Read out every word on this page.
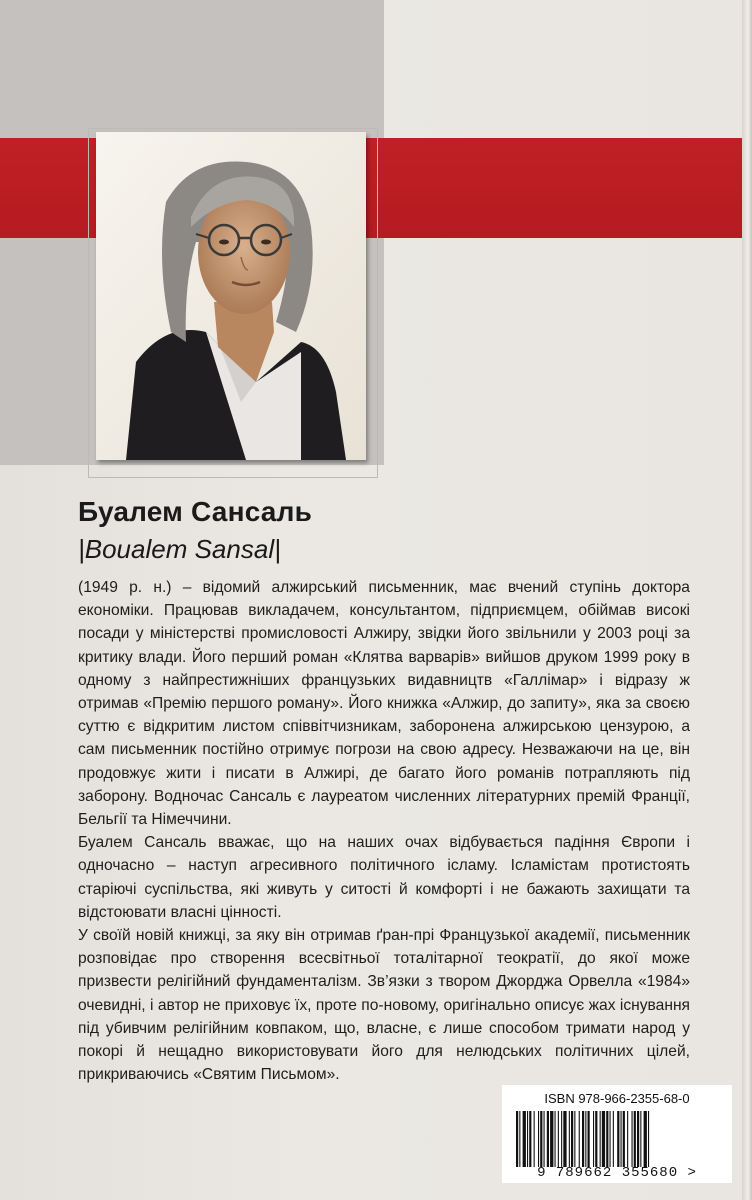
Буалем Сансаль
|Boualem Sansal|

(1949 р. н.) – відомий алжирський письменник, має вчений ступінь доктора економіки. Працював викладачем, консультантом, підприємцем, обіймав високі посади у міністерстві промисловості Алжиру, звідки його звільнили у 2003 році за критику влади. Його перший роман «Клятва варварів» вийшов друком 1999 року в одному з найпрестижніших французьких видавництв «Галлімар» і відразу ж отримав «Премію першого роману». Його книжка «Алжир, до запиту», яка за своєю суттю є відкритим листом співвітчизникам, заборонена алжирською цензурою, а сам письменник постійно отримує погрози на свою адресу. Незважаючи на це, він продовжує жити і писати в Алжирі, де багато його романів потрапляють під заборону. Водночас Сансаль є лауреатом численних літературних премій Франції, Бельгії та Німеччини.

Буалем Сансаль вважає, що на наших очах відбувається падіння Європи і одночасно – наступ агресивного політичного ісламу. Ісламістам протистоять старіючі суспільства, які живуть у ситості й комфорті і не бажають захищати та відстоювати власні цінності.

У своїй новій книжці, за яку він отримав ґран-прі Французької академії, письменник розповідає про створення всесвітньої тоталітарної теократії, до якої може призвести релігійний фундаменталізм. Зв’язки з твором Джорджа Орвелла «1984» очевидні, і автор не приховує їх, проте по-новому, оригінально описує жах існування під убивчим релігійним ковпаком, що, власне, є лише способом тримати народ у покорі й нещадно використовувати його для нелюдських політичних цілей, прикриваючись «Святим Письмом».

ISBN 978-966-2355-68-0
9 789662 355680 >
